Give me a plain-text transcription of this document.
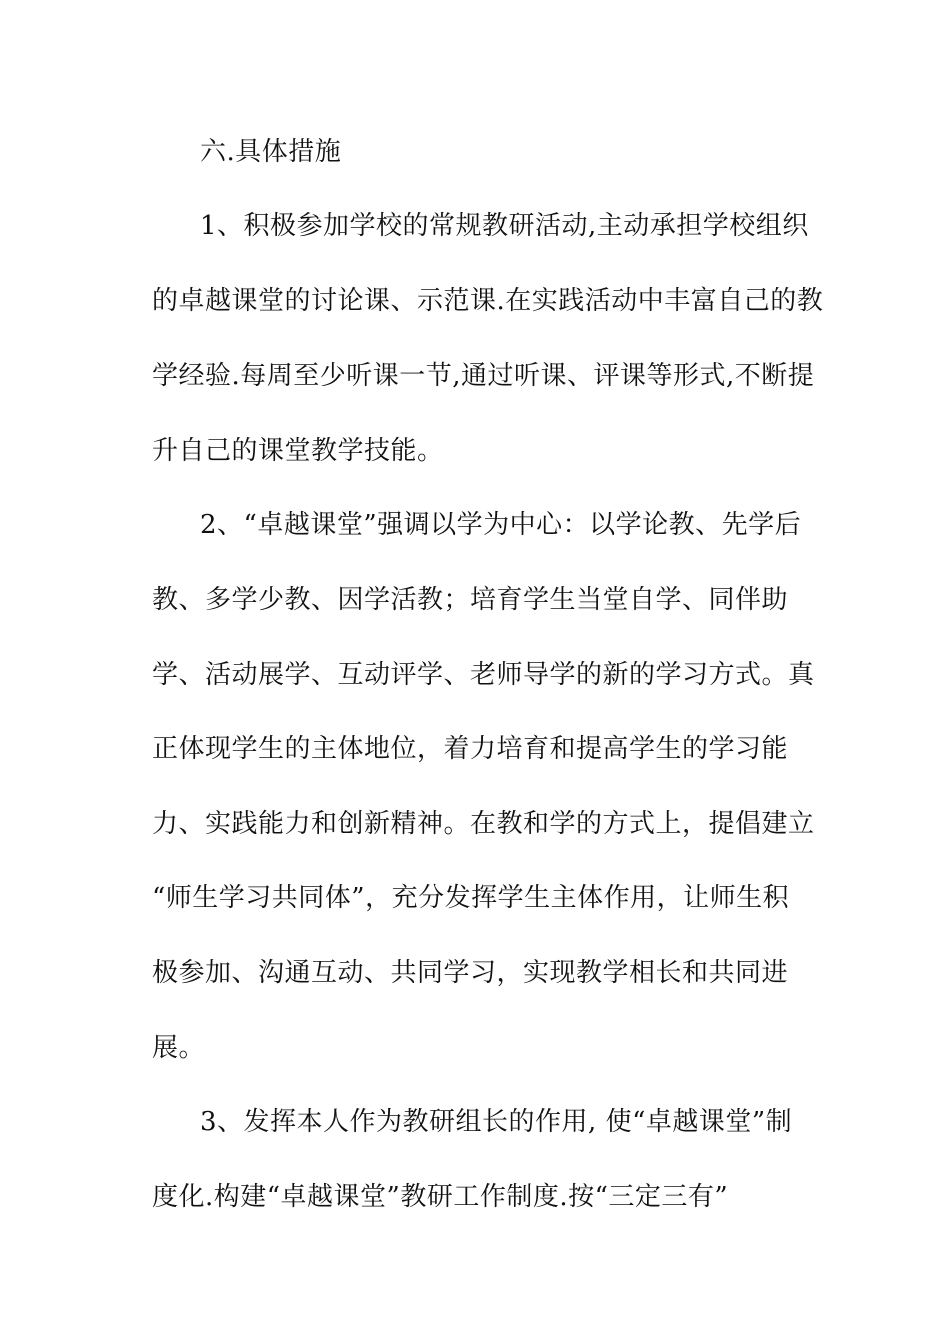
六.具体措施
1、积极参加学校的常规教研活动,主动承担学校组织
的卓越课堂的讨论课、示范课.在实践活动中丰富自己的教
学经验.每周至少听课一节,通过听课、评课等形式,不断提
升自己的课堂教学技能。
2、“卓越课堂”强调以学为中心：以学论教、先学后
教、多学少教、因学活教；培育学生当堂自学、同伴助
学、活动展学、互动评学、老师导学的新的学习方式。真
正体现学生的主体地位，着力培育和提高学生的学习能
力、实践能力和创新精神。在教和学的方式上，提倡建立
“师生学习共同体”，充分发挥学生主体作用，让师生积
极参加、沟通互动、共同学习，实现教学相长和共同进
展。
3、发挥本人作为教研组长的作用, 使“卓越课堂”制
度化.构建“卓越课堂”教研工作制度.按“三定三有”
